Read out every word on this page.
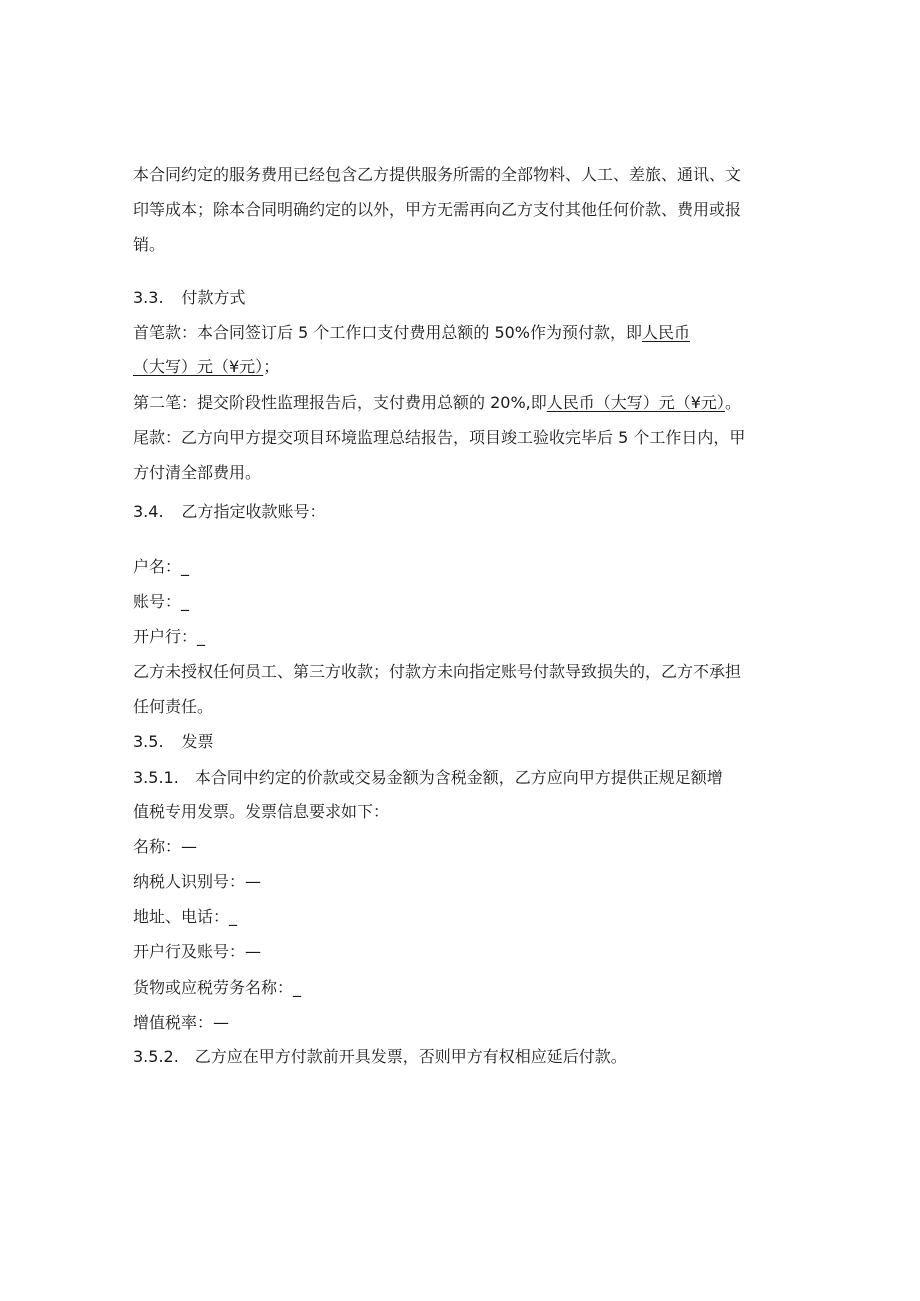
本合同约定的服务费用已经包含乙方提供服务所需的全部物料、人工、差旅、通讯、文
印等成本；除本合同明确约定的以外，甲方无需再向乙方支付其他任何价款、费用或报
销。
3.3. 付款方式
首笔款：本合同签订后 5 个工作口支付费用总额的 50%作为预付款，即人民币
（大写）元（¥元）；
第二笔：提交阶段性监理报告后，支付费用总额的 20%,即人民币（大写）元（¥元）。
尾款：乙方向甲方提交项目环境监理总结报告，项目竣工验收完毕后 5 个工作日内，甲
方付清全部费用。
3.4. 乙方指定收款账号：
户名：_
账号：_
开户行：_
乙方未授权任何员工、第三方收款；付款方未向指定账号付款导致损失的，乙方不承担
任何责任。
3.5. 发票
3.5.1. 本合同中约定的价款或交易金额为含税金额，乙方应向甲方提供正规足额增
值税专用发票。发票信息要求如下：
名称：—
纳税人识别号：—
地址、电话：_
开户行及账号：—
货物或应税劳务名称：_
增值税率：—
3.5.2. 乙方应在甲方付款前开具发票，否则甲方有权相应延后付款。
